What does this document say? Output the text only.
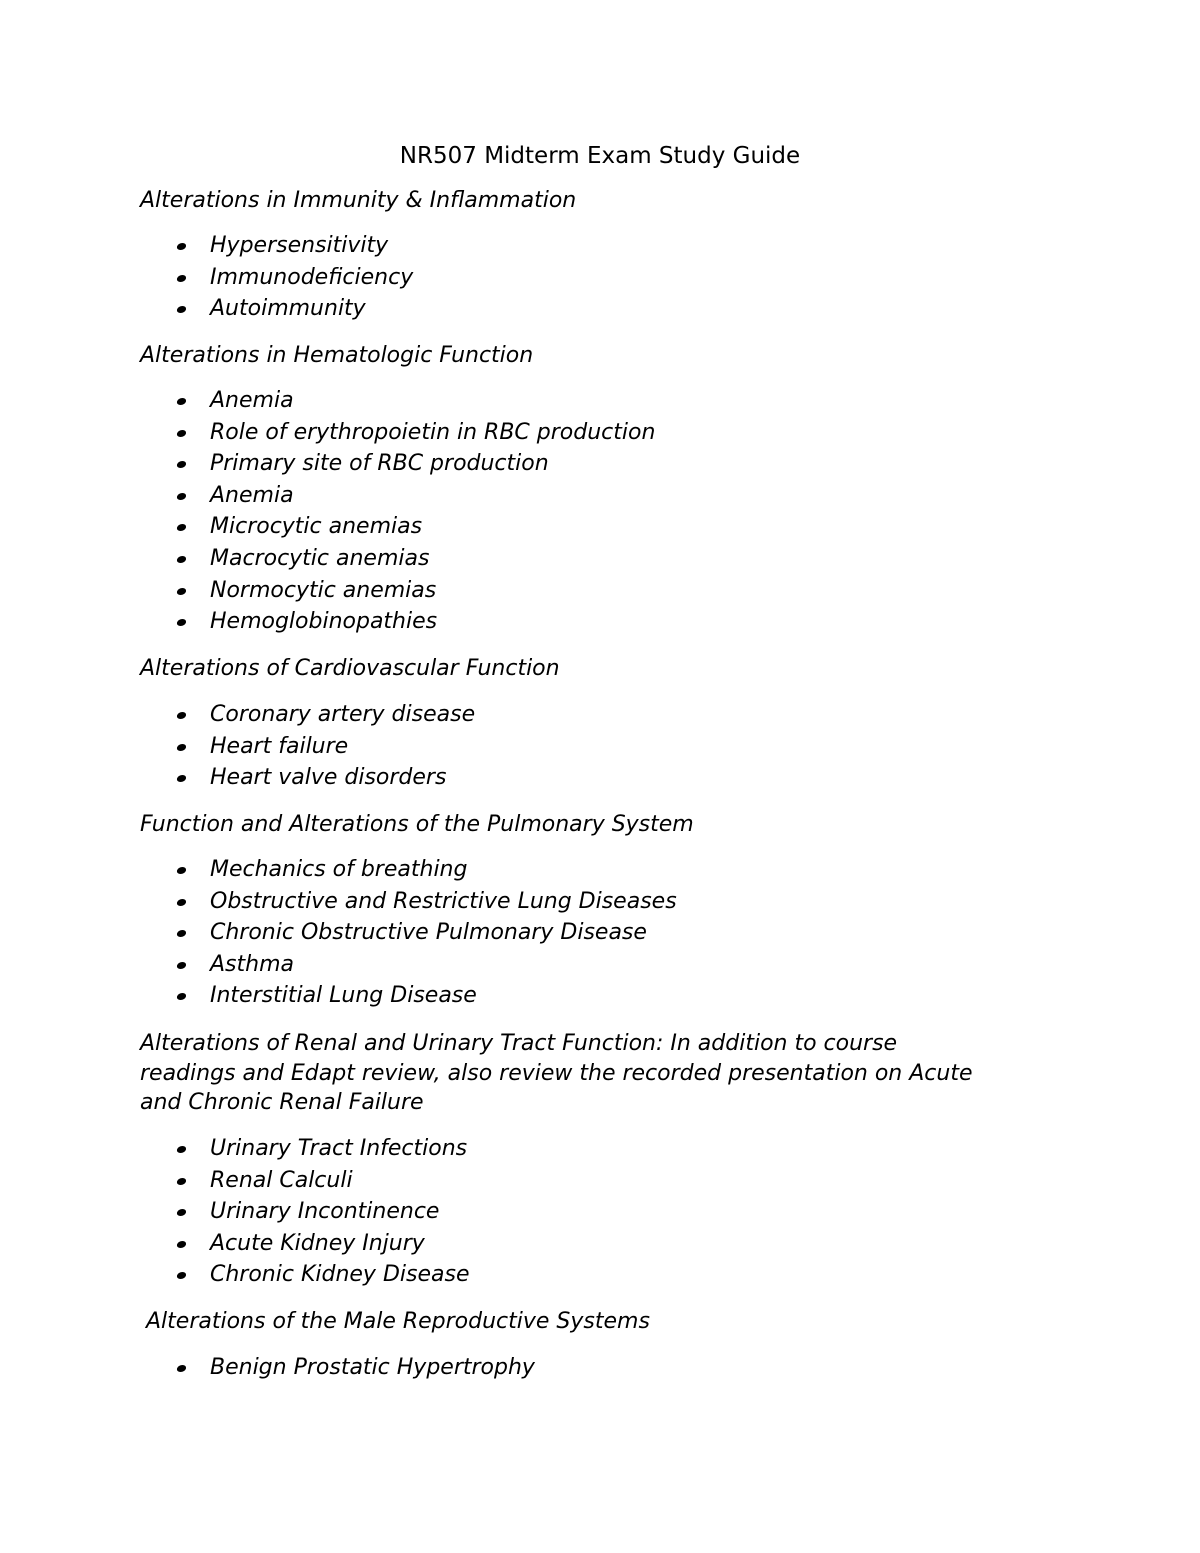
NR507 Midterm Exam Study Guide
Alterations in Immunity & Inflammation
Hypersensitivity
Immunodeficiency
Autoimmunity
Alterations in Hematologic Function
Anemia
Role of erythropoietin in RBC production
Primary site of RBC production
Anemia
Microcytic anemias
Macrocytic anemias
Normocytic anemias
Hemoglobinopathies
Alterations of Cardiovascular Function
Coronary artery disease
Heart failure
Heart valve disorders
Function and Alterations of the Pulmonary System
Mechanics of breathing
Obstructive and Restrictive Lung Diseases
Chronic Obstructive Pulmonary Disease
Asthma
Interstitial Lung Disease
Alterations of Renal and Urinary Tract Function: In addition to course
readings and Edapt review, also review the recorded presentation on Acute
and Chronic Renal Failure
Urinary Tract Infections
Renal Calculi
Urinary Incontinence
Acute Kidney Injury
Chronic Kidney Disease
Alterations of the Male Reproductive Systems
Benign Prostatic Hypertrophy
